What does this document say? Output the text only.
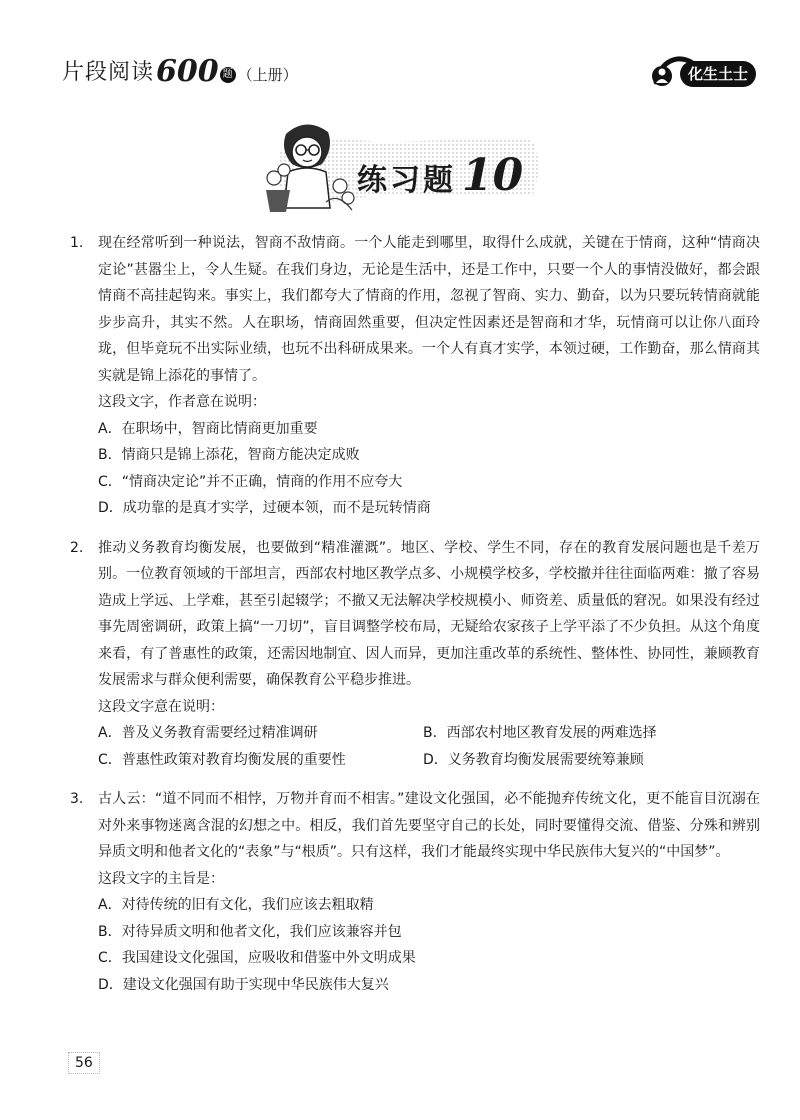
片段阅读 600 题 （上册）	化生土士
练习题 10
1.	现在经常听到一种说法，智商不敌情商。一个人能走到哪里，取得什么成就，关键在于情商，这种“情商决定论”甚嚣尘上，令人生疑。在我们身边，无论是生活中，还是工作中，只要一个人的事情没做好，都会跟情商不高挂起钩来。事实上，我们都夸大了情商的作用，忽视了智商、实力、勤奋，以为只要玩转情商就能步步高升，其实不然。人在职场，情商固然重要，但决定性因素还是智商和才华，玩情商可以让你八面玲珑，但毕竟玩不出实际业绩，也玩不出科研成果来。一个人有真才实学，本领过硬，工作勤奋，那么情商其实就是锦上添花的事情了。
这段文字，作者意在说明：
A．在职场中，智商比情商更加重要
B．情商只是锦上添花，智商方能决定成败
C．“情商决定论”并不正确，情商的作用不应夸大
D．成功靠的是真才实学，过硬本领，而不是玩转情商
2.	推动义务教育均衡发展，也要做到“精准灌溉”。地区、学校、学生不同，存在的教育发展问题也是千差万别。一位教育领域的干部坦言，西部农村地区教学点多、小规模学校多，学校撤并往往面临两难：撤了容易造成上学远、上学难，甚至引起辍学；不撤又无法解决学校规模小、师资差、质量低的窘况。如果没有经过事先周密调研，政策上搞“一刀切”，盲目调整学校布局，无疑给农家孩子上学平添了不少负担。从这个角度来看，有了普惠性的政策，还需因地制宜、因人而异，更加注重改革的系统性、整体性、协同性，兼顾教育发展需求与群众便利需要，确保教育公平稳步推进。
这段文字意在说明：
A．普及义务教育需要经过精准调研	B．西部农村地区教育发展的两难选择
C．普惠性政策对教育均衡发展的重要性	D．义务教育均衡发展需要统筹兼顾
3.	古人云：“道不同而不相悖，万物并育而不相害。”建设文化强国，必不能抛弃传统文化，更不能盲目沉溺在对外来事物迷离含混的幻想之中。相反，我们首先要坚守自己的长处，同时要懂得交流、借鉴、分殊和辨别异质文明和他者文化的“表象”与“根质”。只有这样，我们才能最终实现中华民族伟大复兴的“中国梦”。
这段文字的主旨是：
A．对待传统的旧有文化，我们应该去粗取精
B．对待异质文明和他者文化，我们应该兼容并包
C．我国建设文化强国，应吸收和借鉴中外文明成果
D．建设文化强国有助于实现中华民族伟大复兴
56
